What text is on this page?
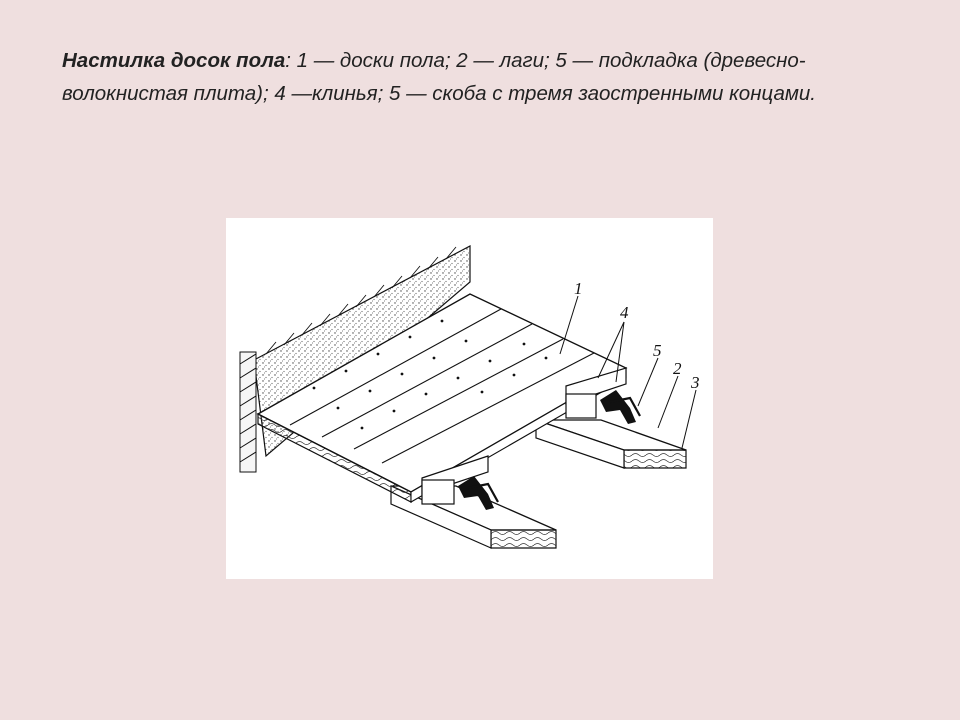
Настилка досок пола: 1 — доски пола; 2 — лаги; 5 — подкладка (древесно-волокнистая плита); 4 —клинья; 5 — скоба с тремя заостренными концами.
1
4
5
2
3
